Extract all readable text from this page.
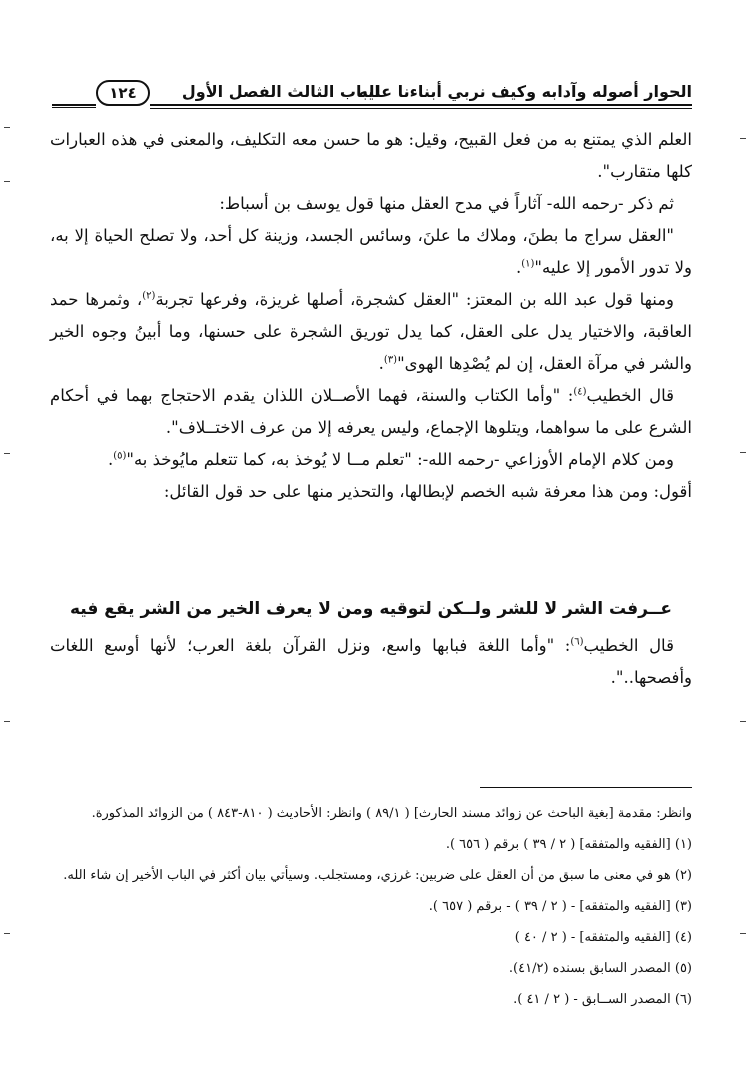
الحوار أصوله وآدابه وكيف نربي أبناءنا عليه
الباب الثالث الفصل الأول
١٢٤

العلم الذي يمتنع به من فعل القبيح، وقيل: هو ما حسن معه التكليف، والمعنى في هذه العبارات كلها متقارب".

ثم ذكر -رحمه الله- آثاراً في مدح العقل منها قول يوسف بن أسباط:

"العقل سراج ما بطنَ، وملاك ما علنَ، وسائس الجسد، وزينة كل أحد، ولا تصلح الحياة إلا به، ولا تدور الأمور إلا عليه"$^{(١)}$.

ومنها قول عبد الله بن المعتز: "العقل كشجرة، أصلها غريزة، وفرعها تجربة$^{(٢)}$، وثمرها حمد العاقبة، والاختيار يدل على العقل، كما يدل توريق الشجرة على حسنها، وما أبينُ وجوه الخير والشر في مرآة العقل، إن لم يُصْدِها الهوى"$^{(٣)}$.

قال الخطيب$^{(٤)}$: "وأما الكتاب والسنة، فهما الأصــلان اللذان يقدم الاحتجاج بهما في أحكام الشرع على ما سواهما، ويتلوها الإجماع، وليس يعرفه إلا من عرف الاختــلاف".

ومن كلام الإمام الأوزاعي -رحمه الله-: "تعلم مــا لا يُوخذ به، كما تتعلم مايُوخذ به"$^{(٥)}$.

أقول: ومن هذا معرفة شبه الخصم لإبطالها، والتحذير منها على حد قول القائل:

عــرفت الشر لا للشر ولــكن لتوقيه
ومن لا يعرف الخير من الشر يقع فيه

قال الخطيب$^{(٦)}$: "وأما اللغة فبابها واسع، ونزل القرآن بلغة العرب؛ لأنها أوسع اللغات وأفصحها..".

وانظر: مقدمة [بغية الباحث عن زوائد مسند الحارث] ( ٨٩/١ ) وانظر: الأحاديث ( ٨١٠-٨٤٣ ) من الزوائد المذكورة.

(١) [الفقيه والمتفقه] ( ٢ / ٣٩ ) برقم ( ٦٥٦ ).

(٢) هو في معنى ما سبق من أن العقل على ضربين: غرزي، ومستجلب. وسيأتي بيان أكثر في الباب الأخير إن شاء الله.

(٣) [الفقيه والمتفقه] - ( ٢ / ٣٩ ) - برقم ( ٦٥٧ ).

(٤) [الفقيه والمتفقه] - ( ٢ / ٤٠ )

(٥) المصدر السابق بسنده (٤١/٢).

(٦) المصدر الســابق - ( ٢ / ٤١ ).
